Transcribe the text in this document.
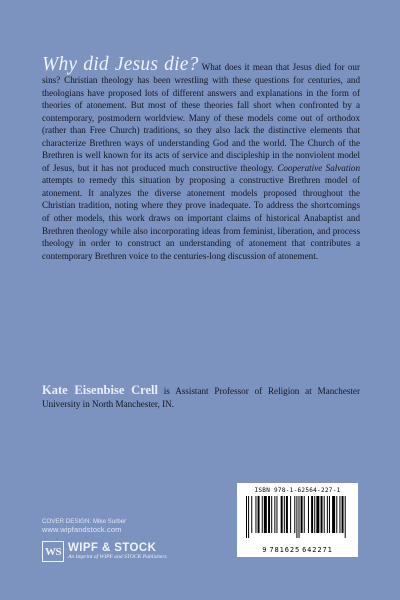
Why did Jesus die? What does it mean that Jesus died for our sins? Christian theology has been wrestling with these questions for centuries, and theologians have proposed lots of different answers and explanations in the form of theories of atonement. But most of these theories fall short when confronted by a contemporary, postmodern worldview. Many of these models come out of orthodox (rather than Free Church) traditions, so they also lack the distinctive elements that characterize Brethren ways of understanding God and the world. The Church of the Brethren is well known for its acts of service and discipleship in the nonviolent model of Jesus, but it has not produced much constructive theology. Cooperative Salvation attempts to remedy this situation by proposing a constructive Brethren model of atonement. It analyzes the diverse atonement models proposed throughout the Christian tradition, noting where they prove inadequate. To address the shortcomings of other models, this work draws on important claims of historical Anabaptist and Brethren theology while also incorporating ideas from feminist, liberation, and process theology in order to construct an understanding of atonement that contributes a contemporary Brethren voice to the centuries-long discussion of atonement.

Kate Eisenbise Crell is Assistant Professor of Religion at Manchester University in North Manchester, IN.

COVER DESIGN: Mike Surber
www.wipfandstock.com
WS WIPF & STOCK
An Imprint of WIPF and STOCK Publishers
ISBN 978-1-62564-227-1
9 781625 642271
